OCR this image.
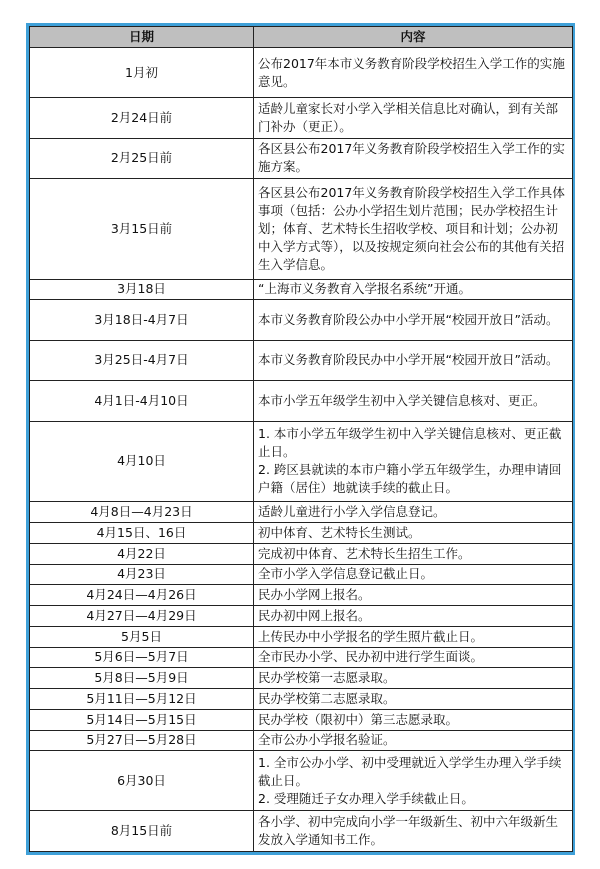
日期	内容
1月初	公布2017年本市义务教育阶段学校招生入学工作的实施意见。
2月24日前	适龄儿童家长对小学入学相关信息比对确认，到有关部门补办（更正）。
2月25日前	各区县公布2017年义务教育阶段学校招生入学工作的实施方案。
3月15日前	各区县公布2017年义务教育阶段学校招生入学工作具体事项（包括：公办小学招生划片范围；民办学校招生计划；体育、艺术特长生招收学校、项目和计划；公办初中入学方式等），以及按规定须向社会公布的其他有关招生入学信息。
3月18日	“上海市义务教育入学报名系统”开通。
3月18日-4月7日	本市义务教育阶段公办中小学开展“校园开放日”活动。
3月25日-4月7日	本市义务教育阶段民办中小学开展“校园开放日”活动。
4月1日-4月10日	本市小学五年级学生初中入学关键信息核对、更正。
4月10日	1. 本市小学五年级学生初中入学关键信息核对、更正截止日。
2. 跨区县就读的本市户籍小学五年级学生，办理申请回户籍（居住）地就读手续的截止日。
4月8日—4月23日	适龄儿童进行小学入学信息登记。
4月15日、16日	初中体育、艺术特长生测试。
4月22日	完成初中体育、艺术特长生招生工作。
4月23日	全市小学入学信息登记截止日。
4月24日—4月26日	民办小学网上报名。
4月27日—4月29日	民办初中网上报名。
5月5日	上传民办中小学报名的学生照片截止日。
5月6日—5月7日	全市民办小学、民办初中进行学生面谈。
5月8日—5月9日	民办学校第一志愿录取。
5月11日—5月12日	民办学校第二志愿录取。
5月14日—5月15日	民办学校（限初中）第三志愿录取。
5月27日—5月28日	全市公办小学报名验证。
6月30日	1. 全市公办小学、初中受理就近入学学生办理入学手续截止日。
2. 受理随迁子女办理入学手续截止日。
8月15日前	各小学、初中完成向小学一年级新生、初中六年级新生发放入学通知书工作。
